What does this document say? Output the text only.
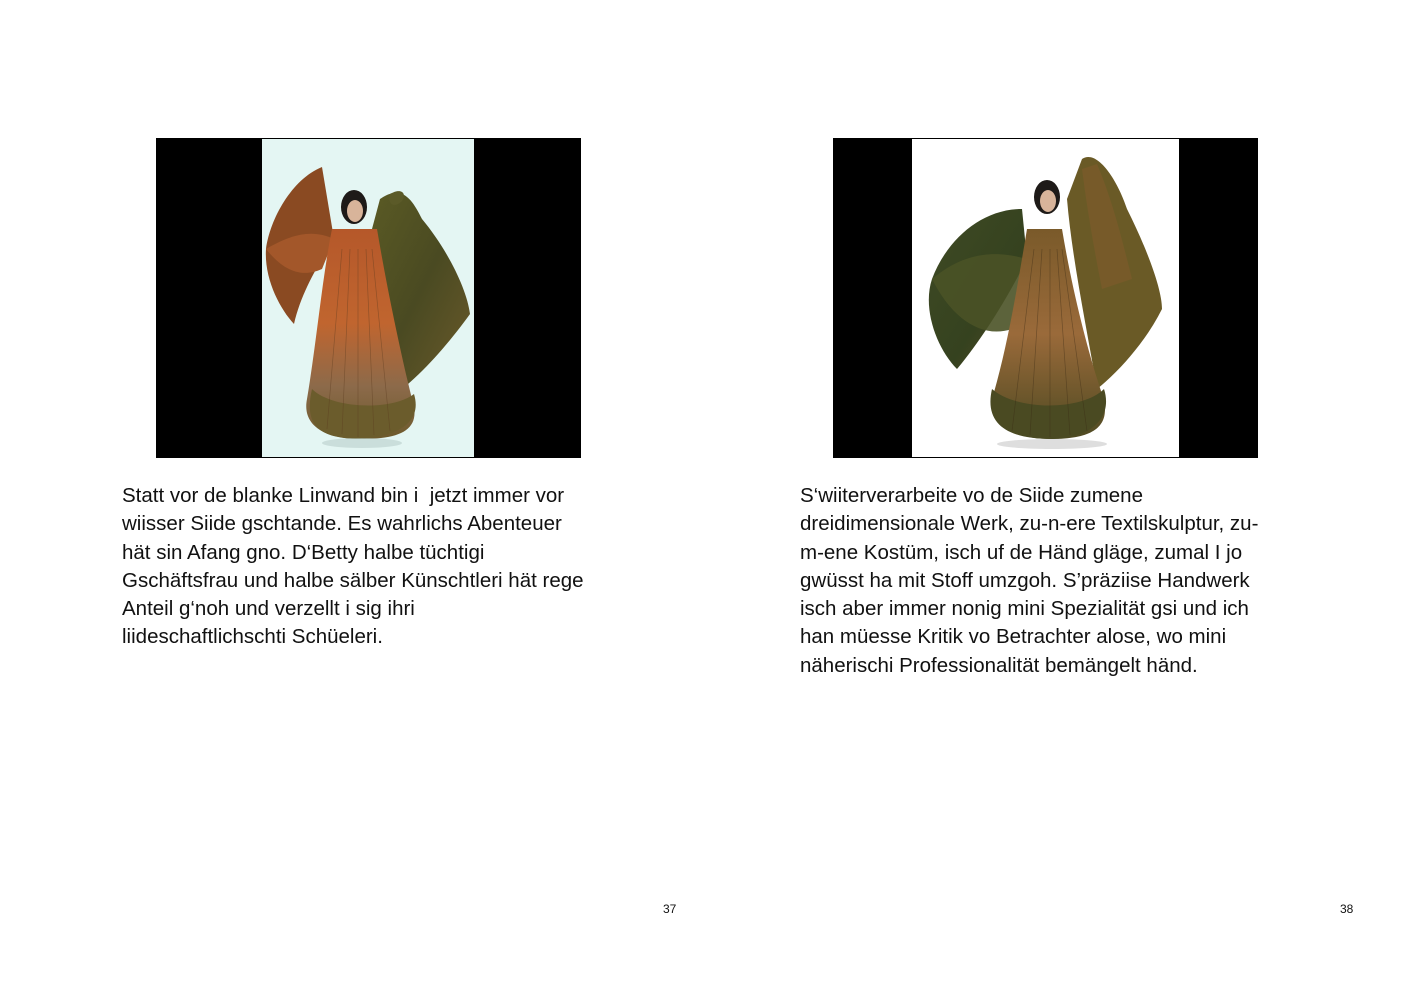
Statt vor de blanke Linwand bin i  jetzt immer vor
wiisser Siide gschtande. Es wahrlichs Abenteuer
hät sin Afang gno. D‘Betty halbe tüchtigi
Gschäftsfrau und halbe sälber Künschtleri hät rege
Anteil g‘noh und verzellt i sig ihri
liideschaftlichschti Schüeleri.

37

S‘wiiterverarbeite vo de Siide zumene
dreidimensionale Werk, zu-n-ere Textilskulptur, zu-
m-ene Kostüm, isch uf de Händ gläge, zumal I jo
gwüsst ha mit Stoff umzgoh. S’präziise Handwerk
isch aber immer nonig mini Spezialität gsi und ich
han müesse Kritik vo Betrachter alose, wo mini
näherischi Professionalität bemängelt händ.

38
